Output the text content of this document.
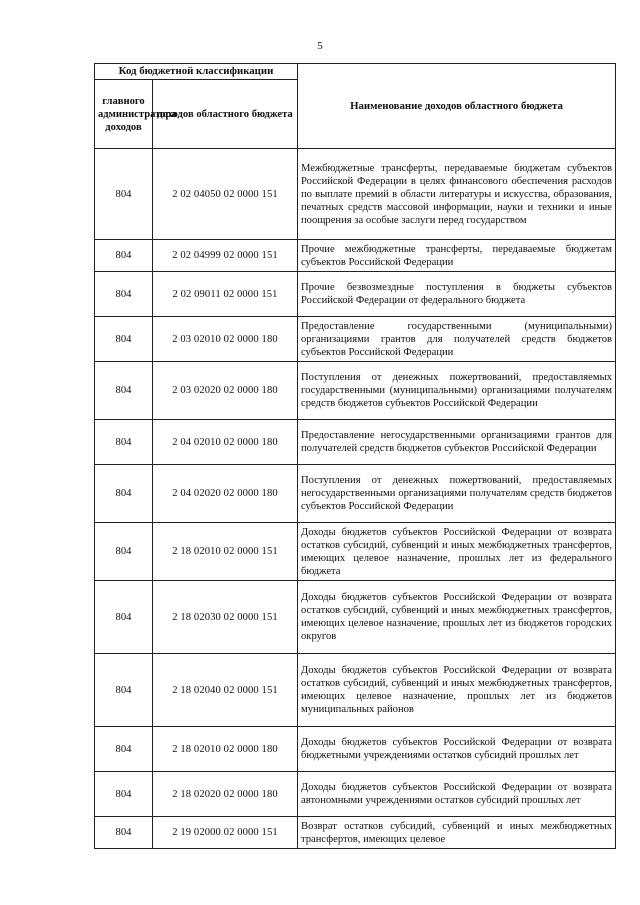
5
Код бюджетной классификации		Наименование доходов областного бюджета
главного администратора доходов	доходов областного бюджета	
804	2 02 04050 02 0000 151	Межбюджетные трансферты, передаваемые бюджетам субъектов Российской Федерации в целях финансового обеспечения расходов по выплате премий в области литературы и искусства, образования, печатных средств массовой информации, науки и техники и иные поощрения за особые заслуги перед государством
804	2 02 04999 02 0000 151	Прочие межбюджетные трансферты, передаваемые бюджетам субъектов Российской Федерации
804	2 02 09011 02 0000 151	Прочие безвозмездные поступления в бюджеты субъектов Российской Федерации от федерального бюджета
804	2 03 02010 02 0000 180	Предоставление государственными (муниципальными) организациями грантов для получателей средств бюджетов субъектов Российской Федерации
804	2 03 02020 02 0000 180	Поступления от денежных пожертвований, предоставляемых государственными (муниципальными) организациями получателям средств бюджетов субъектов Российской Федерации
804	2 04 02010 02 0000 180	Предоставление негосударственными организациями грантов для получателей средств бюджетов субъектов Российской Федерации
804	2 04 02020 02 0000 180	Поступления от денежных пожертвований, предоставляемых негосударственными организациями получателям средств бюджетов субъектов Российской Федерации
804	2 18 02010 02 0000 151	Доходы бюджетов субъектов Российской Федерации от возврата остатков субсидий, субвенций и иных межбюджетных трансфертов, имеющих целевое назначение, прошлых лет из федерального бюджета
804	2 18 02030 02 0000 151	Доходы бюджетов субъектов Российской Федерации от возврата остатков субсидий, субвенций и иных межбюджетных трансфертов, имеющих целевое назначение, прошлых лет из бюджетов городских округов
804	2 18 02040 02 0000 151	Доходы бюджетов субъектов Российской Федерации от возврата остатков субсидий, субвенций и иных межбюджетных трансфертов, имеющих целевое назначение, прошлых лет из бюджетов муниципальных районов
804	2 18 02010 02 0000 180	Доходы бюджетов субъектов Российской Федерации от возврата бюджетными учреждениями остатков субсидий прошлых лет
804	2 18 02020 02 0000 180	Доходы бюджетов субъектов Российской Федерации от возврата автономными учреждениями остатков субсидий прошлых лет
804	2 19 02000 02 0000 151	Возврат остатков субсидий, субвенций и иных межбюджетных трансфертов, имеющих целевое
